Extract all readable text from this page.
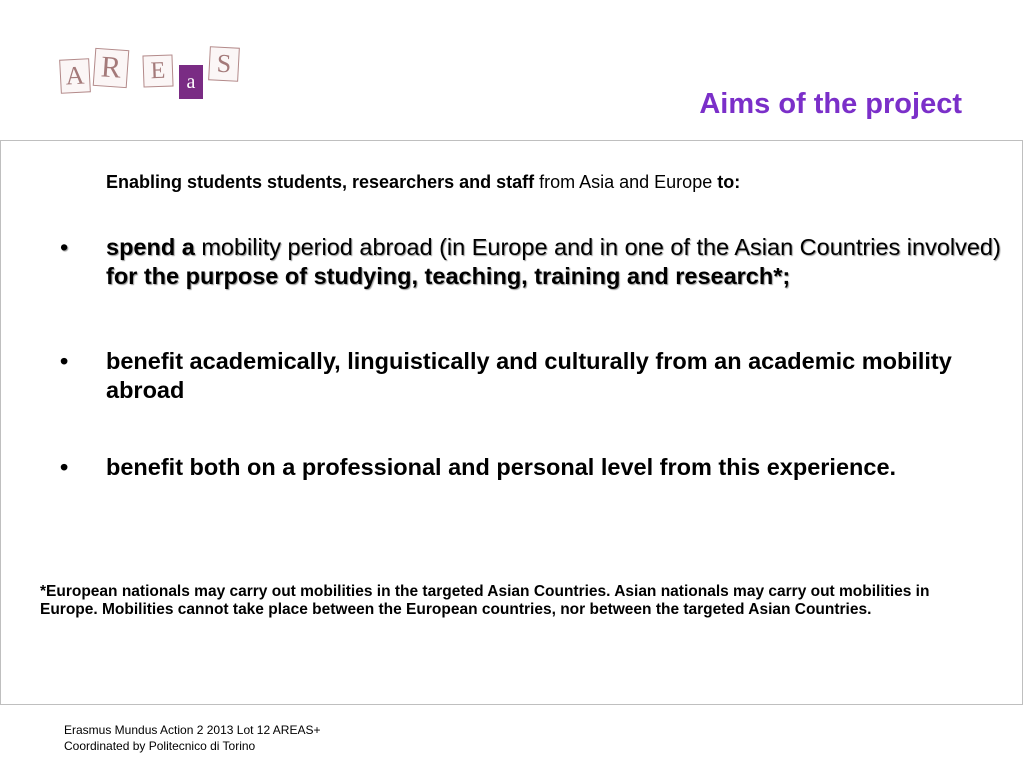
A R	E	a
S
Aims of the project
Enabling students students, researchers and staff from Asia and Europe to:
• spend a mobility period abroad (in Europe and in one of the Asian Countries involved) for the purpose of studying, teaching, training and research*;
• benefit academically, linguistically and culturally from an academic mobility abroad
• benefit both on a professional and personal level from this experience.
*European nationals may carry out mobilities in the targeted Asian Countries. Asian nationals may carry out mobilities in Europe. Mobilities cannot take place between the European countries, nor between the targeted Asian Countries.
Erasmus Mundus Action 2 2013 Lot 12 AREAS+
Coordinated by Politecnico di Torino
